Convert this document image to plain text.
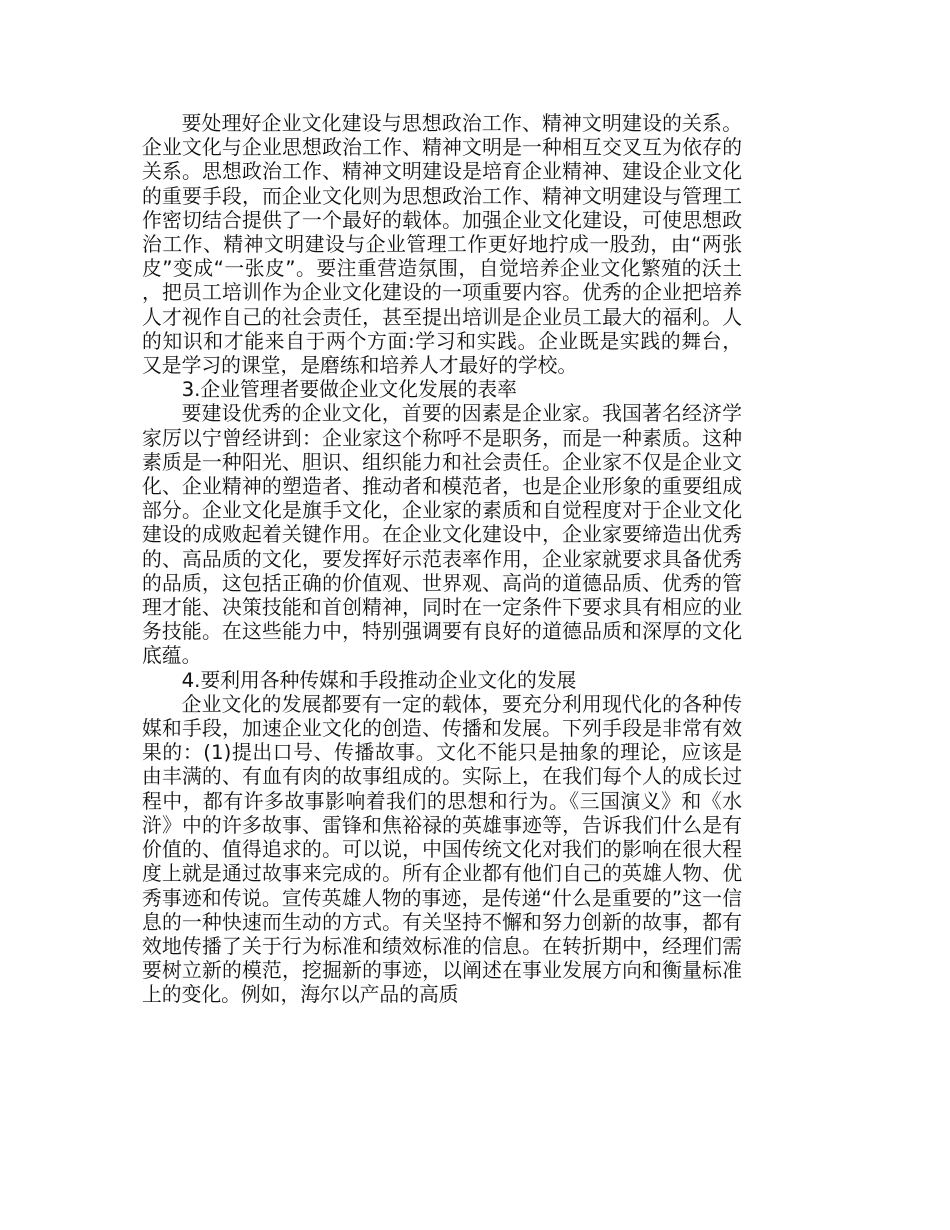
要处理好企业文化建设与思想政治工作、精神文明建设的关系。企业文化与企业思想政治工作、精神文明是一种相互交叉互为依存的关系。思想政治工作、精神文明建设是培育企业精神、建设企业文化的重要手段，而企业文化则为思想政治工作、精神文明建设与管理工作密切结合提供了一个最好的载体。加强企业文化建设，可使思想政治工作、精神文明建设与企业管理工作更好地拧成一股劲，由“两张皮”变成“一张皮”。要注重营造氛围，自觉培养企业文化繁殖的沃土，把员工培训作为企业文化建设的一项重要内容。优秀的企业把培养人才视作自己的社会责任，甚至提出培训是企业员工最大的福利。人的知识和才能来自于两个方面:学习和实践。企业既是实践的舞台，又是学习的课堂，是磨练和培养人才最好的学校。

3.企业管理者要做企业文化发展的表率

要建设优秀的企业文化，首要的因素是企业家。我国著名经济学家厉以宁曾经讲到：企业家这个称呼不是职务，而是一种素质。这种素质是一种阳光、胆识、组织能力和社会责任。企业家不仅是企业文化、企业精神的塑造者、推动者和模范者，也是企业形象的重要组成部分。企业文化是旗手文化，企业家的素质和自觉程度对于企业文化建设的成败起着关键作用。在企业文化建设中，企业家要缔造出优秀的、高品质的文化，要发挥好示范表率作用，企业家就要求具备优秀的品质，这包括正确的价值观、世界观、高尚的道德品质、优秀的管理才能、决策技能和首创精神，同时在一定条件下要求具有相应的业务技能。在这些能力中，特别强调要有良好的道德品质和深厚的文化底蕴。

4.要利用各种传媒和手段推动企业文化的发展

企业文化的发展都要有一定的载体，要充分利用现代化的各种传媒和手段，加速企业文化的创造、传播和发展。下列手段是非常有效果的：(1)提出口号、传播故事。文化不能只是抽象的理论，应该是由丰满的、有血有肉的故事组成的。实际上，在我们每个人的成长过程中，都有许多故事影响着我们的思想和行为。《三国演义》和《水浒》中的许多故事、雷锋和焦裕禄的英雄事迹等，告诉我们什么是有价值的、值得追求的。可以说，中国传统文化对我们的影响在很大程度上就是通过故事来完成的。所有企业都有他们自己的英雄人物、优秀事迹和传说。宣传英雄人物的事迹，是传递“什么是重要的”这一信息的一种快速而生动的方式。有关坚持不懈和努力创新的故事，都有效地传播了关于行为标准和绩效标准的信息。在转折期中，经理们需要树立新的模范，挖掘新的事迹，以阐述在事业发展方向和衡量标准上的变化。例如，海尔以产品的高质
